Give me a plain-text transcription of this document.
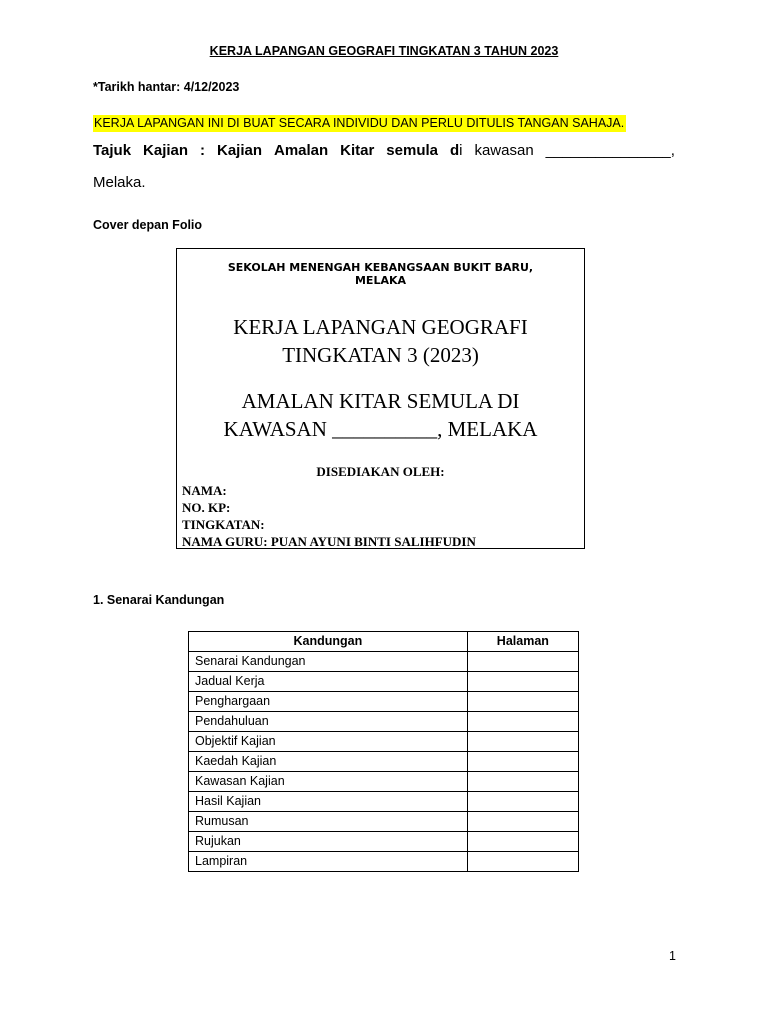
KERJA LAPANGAN GEOGRAFI TINGKATAN 3 TAHUN 2023
*Tarikh hantar: 4/12/2023
KERJA LAPANGAN INI DI BUAT SECARA INDIVIDU DAN PERLU DITULIS TANGAN SAHAJA.
Tajuk Kajian : Kajian Amalan Kitar semula di kawasan _______________,
Melaka.
Cover depan Folio
SEKOLAH MENENGAH KEBANGSAAN BUKIT BARU,
MELAKA
KERJA LAPANGAN GEOGRAFI
TINGKATAN 3 (2023)
AMALAN KITAR SEMULA DI
KAWASAN __________, MELAKA
DISEDIAKAN OLEH:
NAMA:
NO. KP:
TINGKATAN:
NAMA GURU: PUAN AYUNI BINTI SALIHFUDIN
1. Senarai Kandungan
Kandungan	Halaman
Senarai Kandungan	
Jadual Kerja	
Penghargaan	
Pendahuluan	
Objektif Kajian	
Kaedah Kajian	
Kawasan Kajian	
Hasil Kajian	
Rumusan	
Rujukan	
Lampiran	
1
